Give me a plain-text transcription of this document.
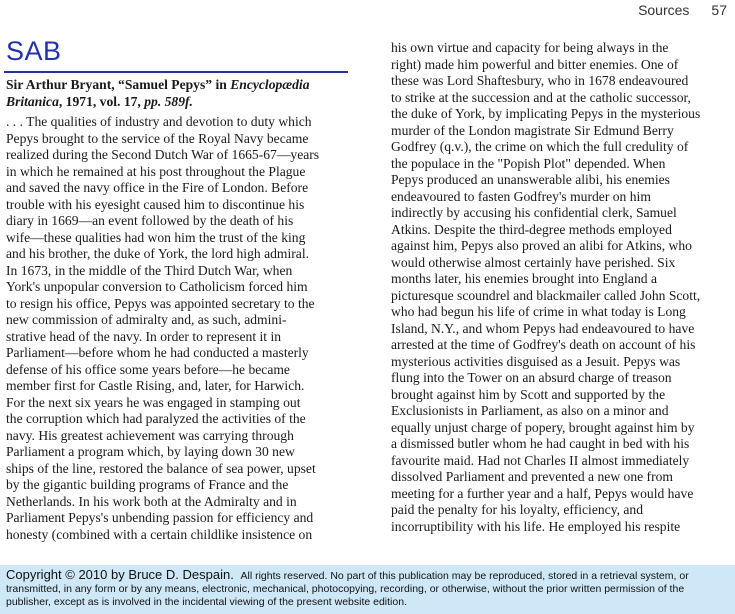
Sources 57
SAB
Sir Arthur Bryant, “Samuel Pepys” in Encyclopædia
Britanica, 1971, vol. 17, pp. 589f.
. . . The qualities of industry and devotion to duty which
Pepys brought to the service of the Royal Navy became
realized during the Second Dutch War of 1665-67—years
in which he remained at his post throughout the Plague
and saved the navy office in the Fire of London. Before
trouble with his eyesight caused him to discontinue his
diary in 1669—an event followed by the death of his
wife—these qualities had won him the trust of the king
and his brother, the duke of York, the lord high admiral.
In 1673, in the middle of the Third Dutch War, when
York's unpopular conversion to Catholicism forced him
to resign his office, Pepys was appointed secretary to the
new commission of admiralty and, as such, admini-
strative head of the navy. In order to represent it in
Parliament—before whom he had conducted a masterly
defense of his office some years before—he became
member first for Castle Rising, and, later, for Harwich.
For the next six years he was engaged in stamping out
the corruption which had paralyzed the activities of the
navy. His greatest achievement was carrying through
Parliament a program which, by laying down 30 new
ships of the line, restored the balance of sea power, upset
by the gigantic building programs of France and the
Netherlands. In his work both at the Admiralty and in
Parliament Pepys's unbending passion for efficiency and
honesty (combined with a certain childlike insistence on
his own virtue and capacity for being always in the
right) made him powerful and bitter enemies. One of
these was Lord Shaftesbury, who in 1678 endeavoured
to strike at the succession and at the catholic successor,
the duke of York, by implicating Pepys in the mysterious
murder of the London magistrate Sir Edmund Berry
Godfrey (q.v.), the crime on which the full credulity of
the populace in the "Popish Plot" depended. When
Pepys produced an unanswerable alibi, his enemies
endeavoured to fasten Godfrey's murder on him
indirectly by accusing his confidential clerk, Samuel
Atkins. Despite the third-degree methods employed
against him, Pepys also proved an alibi for Atkins, who
would otherwise almost certainly have perished. Six
months later, his enemies brought into England a
picturesque scoundrel and blackmailer called John Scott,
who had begun his life of crime in what today is Long
Island, N.Y., and whom Pepys had endeavoured to have
arrested at the time of Godfrey's death on account of his
mysterious activities disguised as a Jesuit. Pepys was
flung into the Tower on an absurd charge of treason
brought against him by Scott and supported by the
Exclusionists in Parliament, as also on a minor and
equally unjust charge of popery, brought against him by
a dismissed butler whom he had caught in bed with his
favourite maid. Had not Charles II almost immediately
dissolved Parliament and prevented a new one from
meeting for a further year and a half, Pepys would have
paid the penalty for his loyalty, efficiency, and
incorruptibility with his life. He employed his respite
Copyright © 2010 by Bruce D. Despain. All rights reserved. No part of this publication may be reproduced, stored in a retrieval system, or
transmitted, in any form or by any means, electronic, mechanical, photocopying, recording, or otherwise, without the prior written permission of the
publisher, except as is involved in the incidental viewing of the present website edition.
